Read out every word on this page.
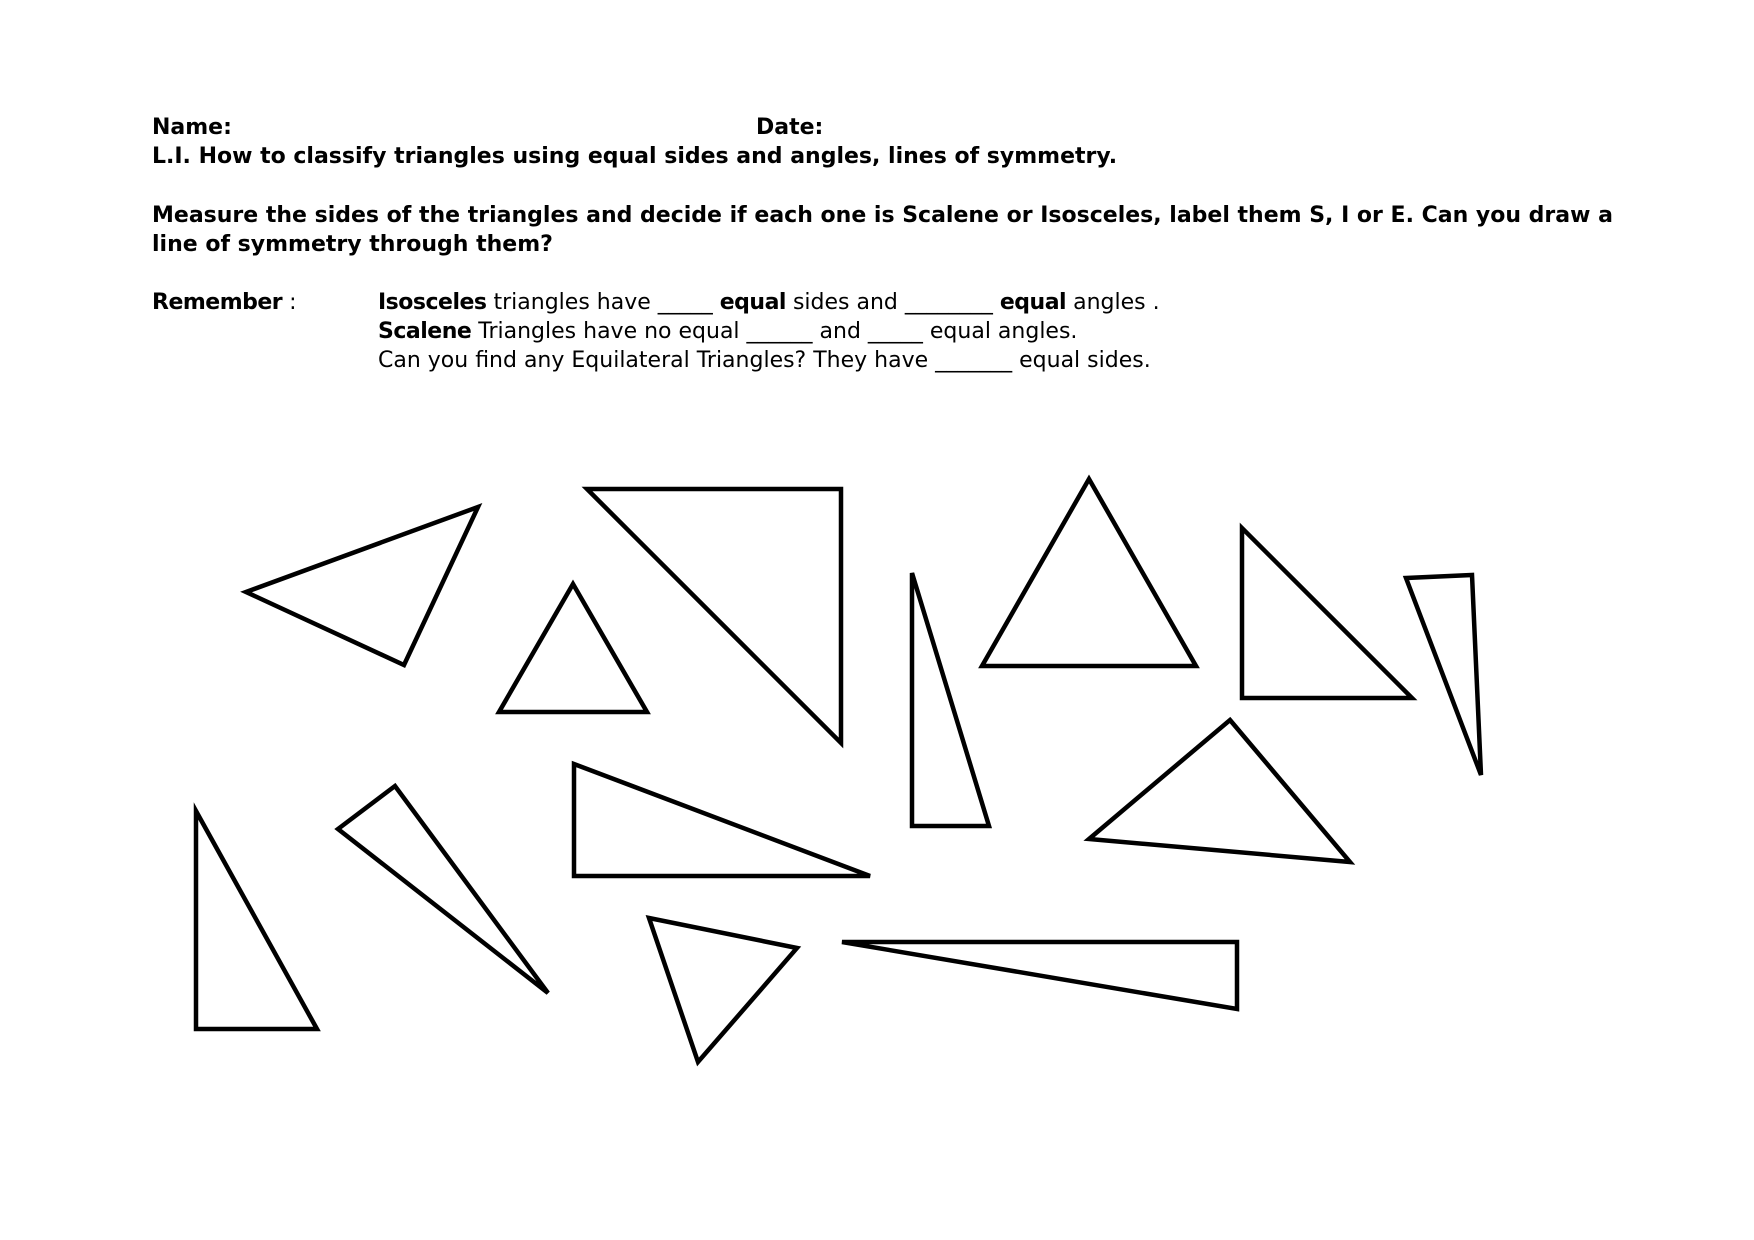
Name:	Date:
L.I. How to classify triangles using equal sides and angles, lines of symmetry.
Measure the sides of the triangles and decide if each one is Scalene or Isosceles, label them S, I or E. Can you draw a
line of symmetry through them?
Remember :	Isosceles triangles have _____ equal sides and ________ equal angles .
Scalene Triangles have no equal ______ and _____ equal angles.
Can you find any Equilateral Triangles? They have _______ equal sides.
